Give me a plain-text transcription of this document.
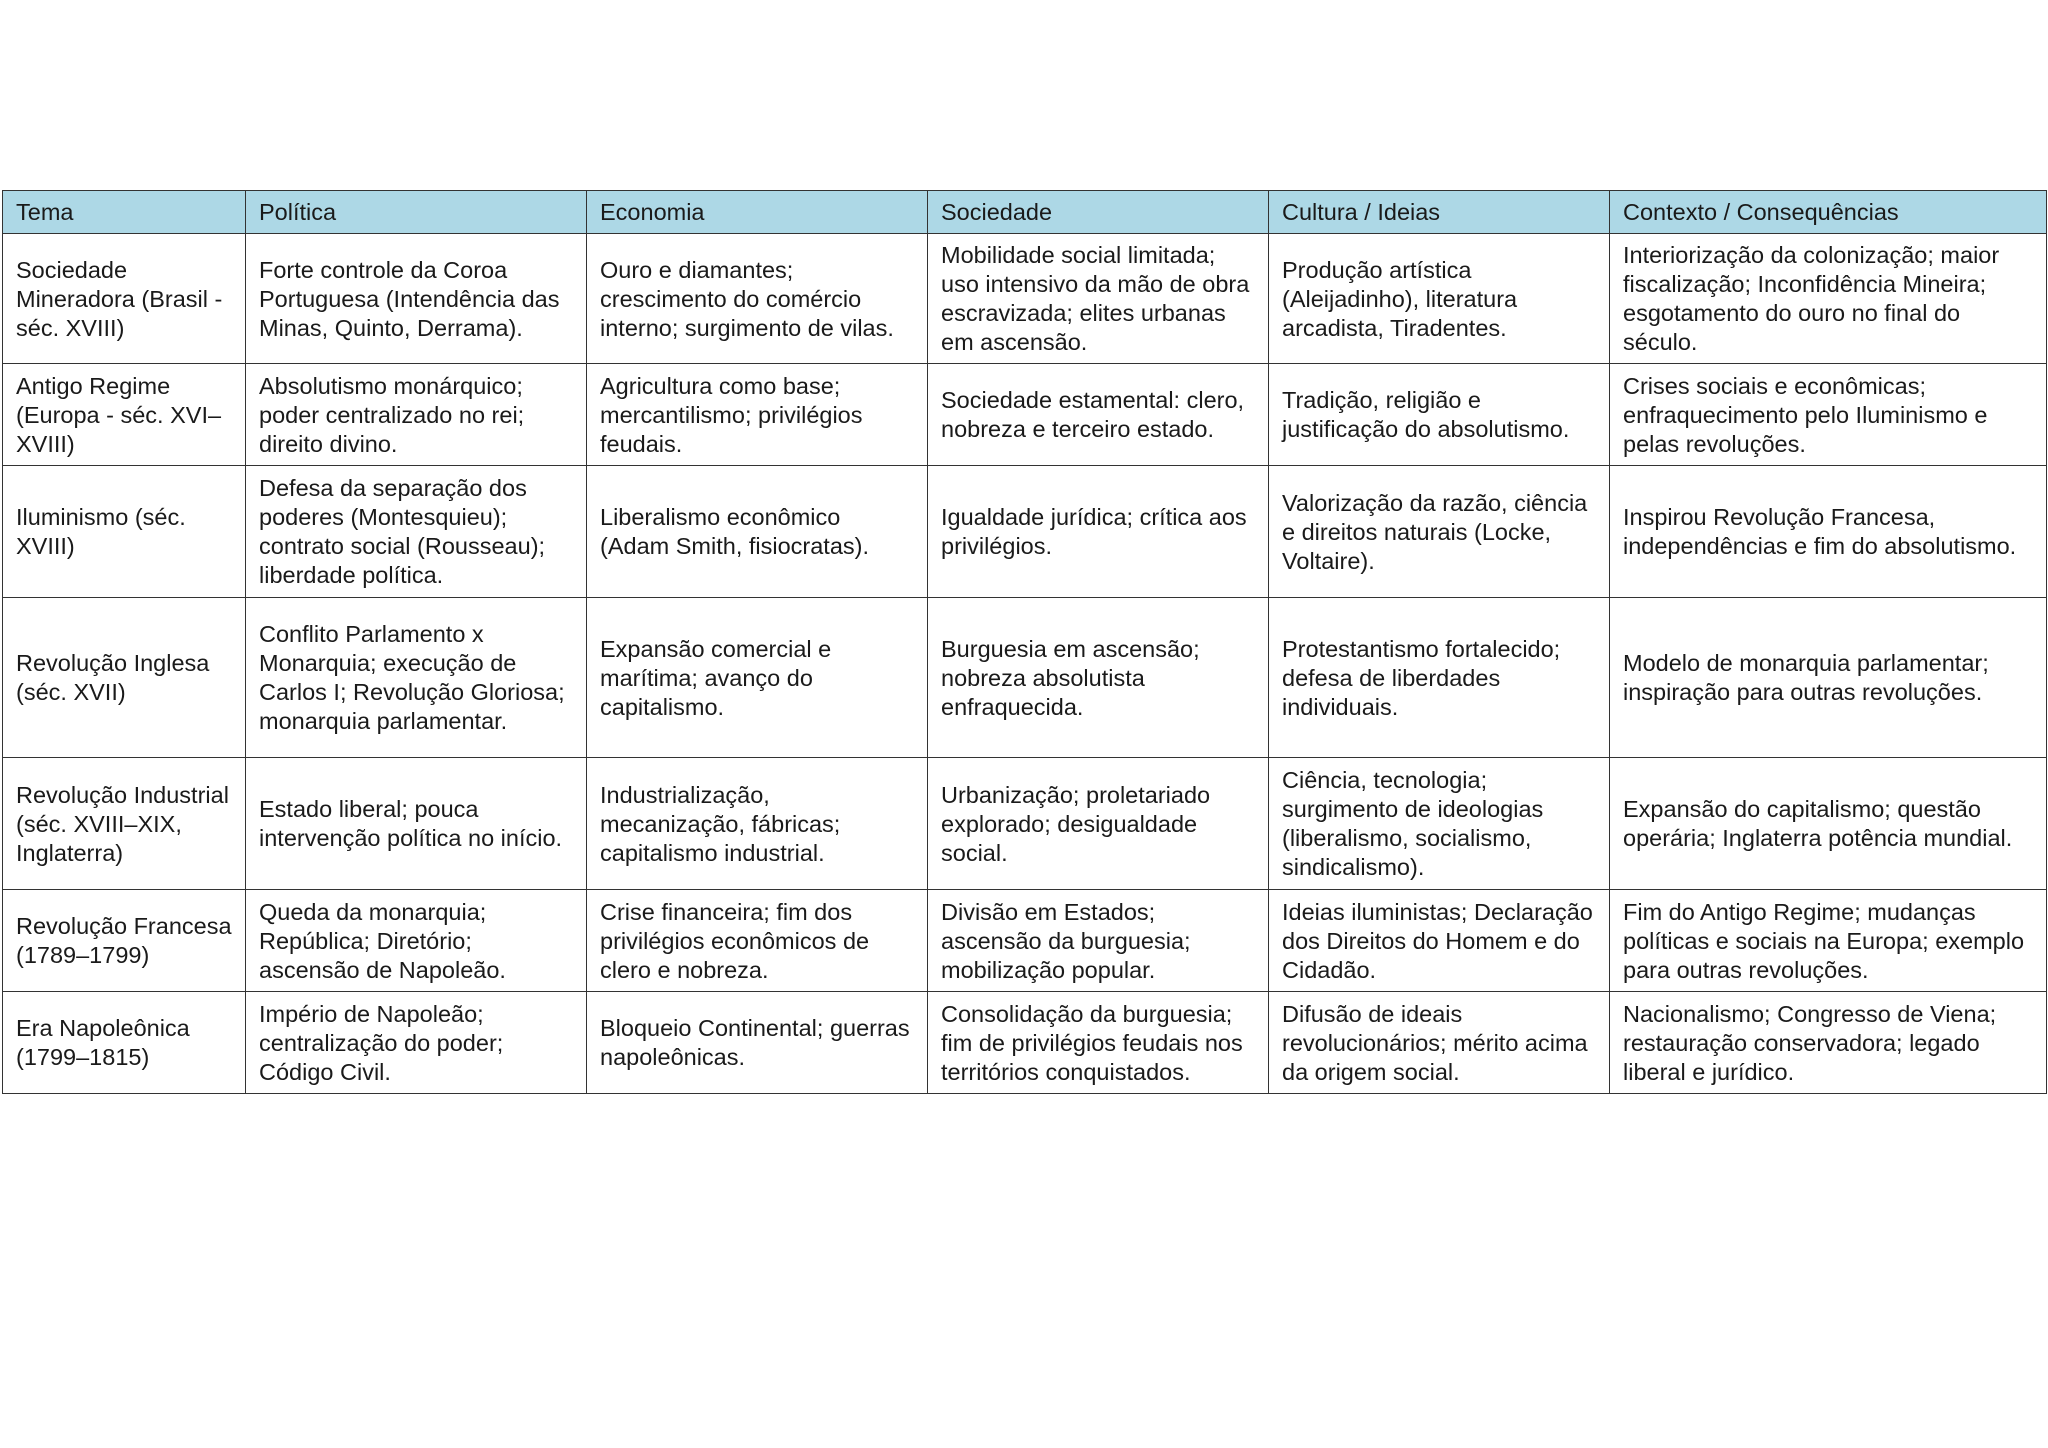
Tema	Política	Economia	Sociedade	Cultura / Ideias	Contexto / Consequências
Sociedade Mineradora (Brasil - séc. XVIII)	Forte controle da Coroa Portuguesa (Intendência das Minas, Quinto, Derrama).	Ouro e diamantes; crescimento do comércio interno; surgimento de vilas.	Mobilidade social limitada; uso intensivo da mão de obra escravizada; elites urbanas em ascensão.	Produção artística (Aleijadinho), literatura arcadista, Tiradentes.	Interiorização da colonização; maior fiscalização; Inconfidência Mineira; esgotamento do ouro no final do século.
Antigo Regime (Europa - séc. XVI–XVIII)	Absolutismo monárquico; poder centralizado no rei; direito divino.	Agricultura como base; mercantilismo; privilégios feudais.	Sociedade estamental: clero, nobreza e terceiro estado.	Tradição, religião e justificação do absolutismo.	Crises sociais e econômicas; enfraquecimento pelo Iluminismo e pelas revoluções.
Iluminismo (séc. XVIII)	Defesa da separação dos poderes (Montesquieu); contrato social (Rousseau); liberdade política.	Liberalismo econômico (Adam Smith, fisiocratas).	Igualdade jurídica; crítica aos privilégios.	Valorização da razão, ciência e direitos naturais (Locke, Voltaire).	Inspirou Revolução Francesa, independências e fim do absolutismo.
Revolução Inglesa (séc. XVII)	Conflito Parlamento x Monarquia; execução de Carlos I; Revolução Gloriosa; monarquia parlamentar.	Expansão comercial e marítima; avanço do capitalismo.	Burguesia em ascensão; nobreza absolutista enfraquecida.	Protestantismo fortalecido; defesa de liberdades individuais.	Modelo de monarquia parlamentar; inspiração para outras revoluções.
Revolução Industrial (séc. XVIII–XIX, Inglaterra)	Estado liberal; pouca intervenção política no início.	Industrialização, mecanização, fábricas; capitalismo industrial.	Urbanização; proletariado explorado; desigualdade social.	Ciência, tecnologia; surgimento de ideologias (liberalismo, socialismo, sindicalismo).	Expansão do capitalismo; questão operária; Inglaterra potência mundial.
Revolução Francesa (1789–1799)	Queda da monarquia; República; Diretório; ascensão de Napoleão.	Crise financeira; fim dos privilégios econômicos de clero e nobreza.	Divisão em Estados; ascensão da burguesia; mobilização popular.	Ideias iluministas; Declaração dos Direitos do Homem e do Cidadão.	Fim do Antigo Regime; mudanças políticas e sociais na Europa; exemplo para outras revoluções.
Era Napoleônica (1799–1815)	Império de Napoleão; centralização do poder; Código Civil.	Bloqueio Continental; guerras napoleônicas.	Consolidação da burguesia; fim de privilégios feudais nos territórios conquistados.	Difusão de ideais revolucionários; mérito acima da origem social.	Nacionalismo; Congresso de Viena; restauração conservadora; legado liberal e jurídico.
